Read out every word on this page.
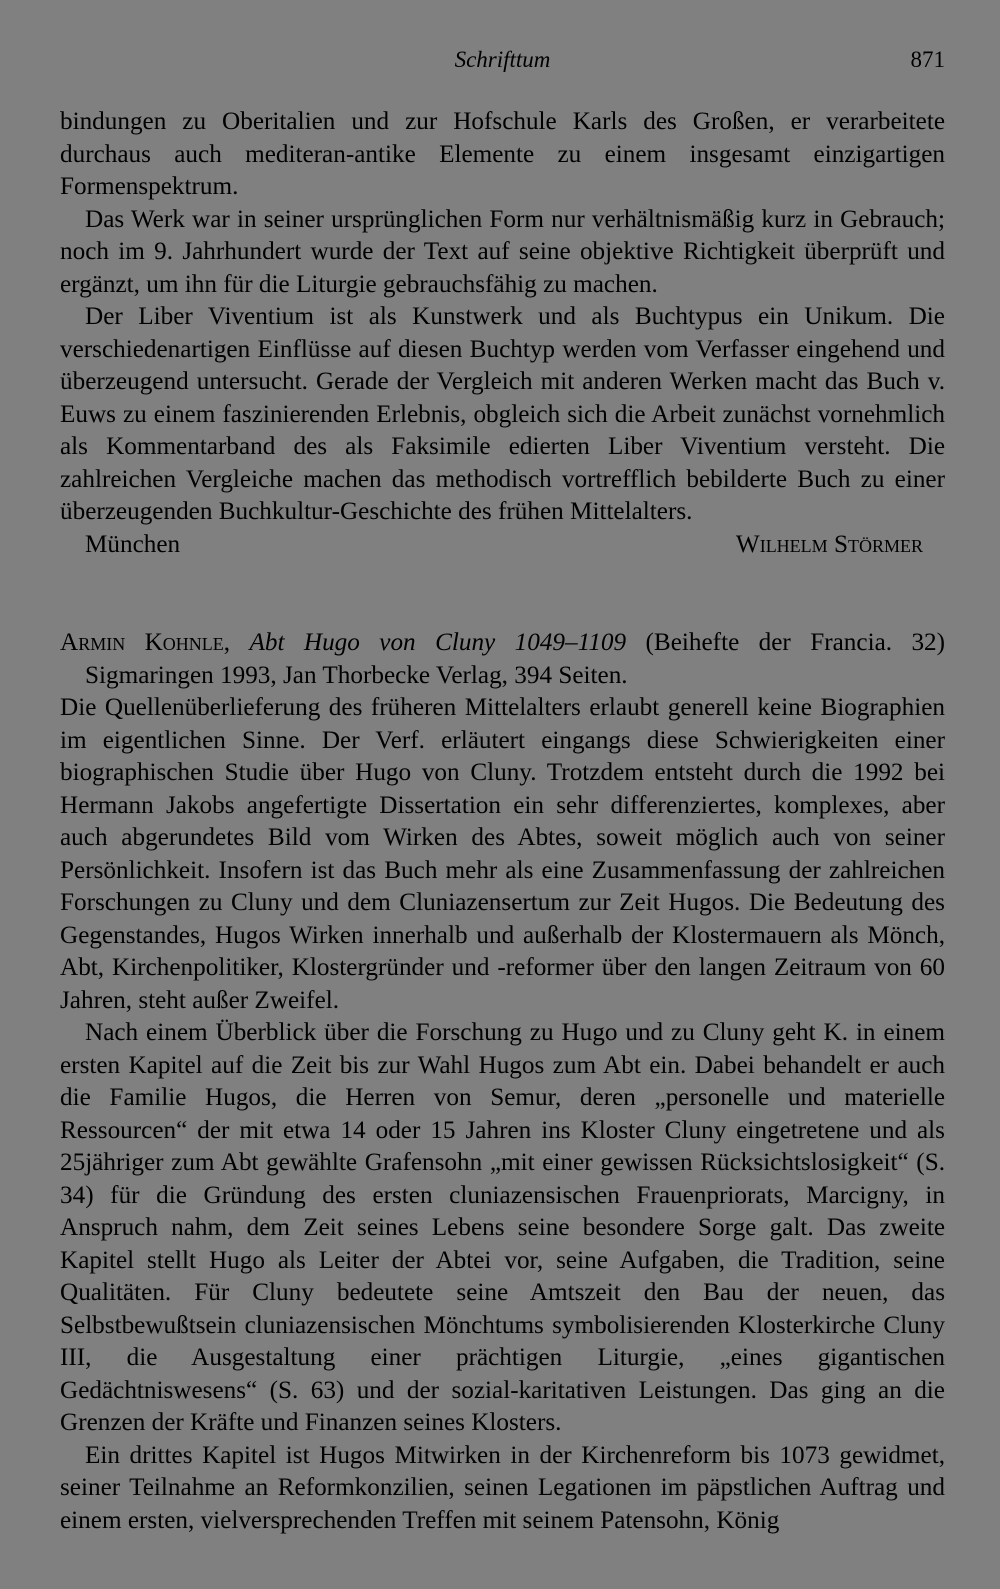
Schrifttum	871

bindungen zu Oberitalien und zur Hofschule Karls des Großen, er verarbeitete durchaus auch mediteran-antike Elemente zu einem insgesamt einzigartigen Formenspektrum.

Das Werk war in seiner ursprünglichen Form nur verhältnismäßig kurz in Gebrauch; noch im 9. Jahrhundert wurde der Text auf seine objektive Richtigkeit überprüft und ergänzt, um ihn für die Liturgie gebrauchsfähig zu machen.

Der Liber Viventium ist als Kunstwerk und als Buchtypus ein Unikum. Die verschiedenartigen Einflüsse auf diesen Buchtyp werden vom Verfasser eingehend und überzeugend untersucht. Gerade der Vergleich mit anderen Werken macht das Buch v. Euws zu einem faszinierenden Erlebnis, obgleich sich die Arbeit zunächst vornehmlich als Kommentarband des als Faksimile edierten Liber Viventium versteht. Die zahlreichen Vergleiche machen das methodisch vortrefflich bebilderte Buch zu einer überzeugenden Buchkultur-Geschichte des frühen Mittelalters.

München	Wilhelm Störmer

Armin Kohnle, Abt Hugo von Cluny 1049–1109 (Beihefte der Francia. 32) Sigmaringen 1993, Jan Thorbecke Verlag, 394 Seiten.

Die Quellenüberlieferung des früheren Mittelalters erlaubt generell keine Biographien im eigentlichen Sinne. Der Verf. erläutert eingangs diese Schwierigkeiten einer biographischen Studie über Hugo von Cluny. Trotzdem entsteht durch die 1992 bei Hermann Jakobs angefertigte Dissertation ein sehr differenziertes, komplexes, aber auch abgerundetes Bild vom Wirken des Abtes, soweit möglich auch von seiner Persönlichkeit. Insofern ist das Buch mehr als eine Zusammenfassung der zahlreichen Forschungen zu Cluny und dem Cluniazensertum zur Zeit Hugos. Die Bedeutung des Gegenstandes, Hugos Wirken innerhalb und außerhalb der Klostermauern als Mönch, Abt, Kirchenpolitiker, Klostergründer und -reformer über den langen Zeitraum von 60 Jahren, steht außer Zweifel.

Nach einem Überblick über die Forschung zu Hugo und zu Cluny geht K. in einem ersten Kapitel auf die Zeit bis zur Wahl Hugos zum Abt ein. Dabei behandelt er auch die Familie Hugos, die Herren von Semur, deren „personelle und materielle Ressourcen“ der mit etwa 14 oder 15 Jahren ins Kloster Cluny eingetretene und als 25jähriger zum Abt gewählte Grafensohn „mit einer gewissen Rücksichtslosigkeit“ (S. 34) für die Gründung des ersten cluniazensischen Frauenpriorats, Marcigny, in Anspruch nahm, dem Zeit seines Lebens seine besondere Sorge galt. Das zweite Kapitel stellt Hugo als Leiter der Abtei vor, seine Aufgaben, die Tradition, seine Qualitäten. Für Cluny bedeutete seine Amtszeit den Bau der neuen, das Selbstbewußtsein cluniazensischen Mönchtums symbolisierenden Klosterkirche Cluny III, die Ausgestaltung einer prächtigen Liturgie, „eines gigantischen Gedächtniswesens“ (S. 63) und der sozial-karitativen Leistungen. Das ging an die Grenzen der Kräfte und Finanzen seines Klosters.

Ein drittes Kapitel ist Hugos Mitwirken in der Kirchenreform bis 1073 gewidmet, seiner Teilnahme an Reformkonzilien, seinen Legationen im päpstlichen Auftrag und einem ersten, vielversprechenden Treffen mit seinem Patensohn, König
